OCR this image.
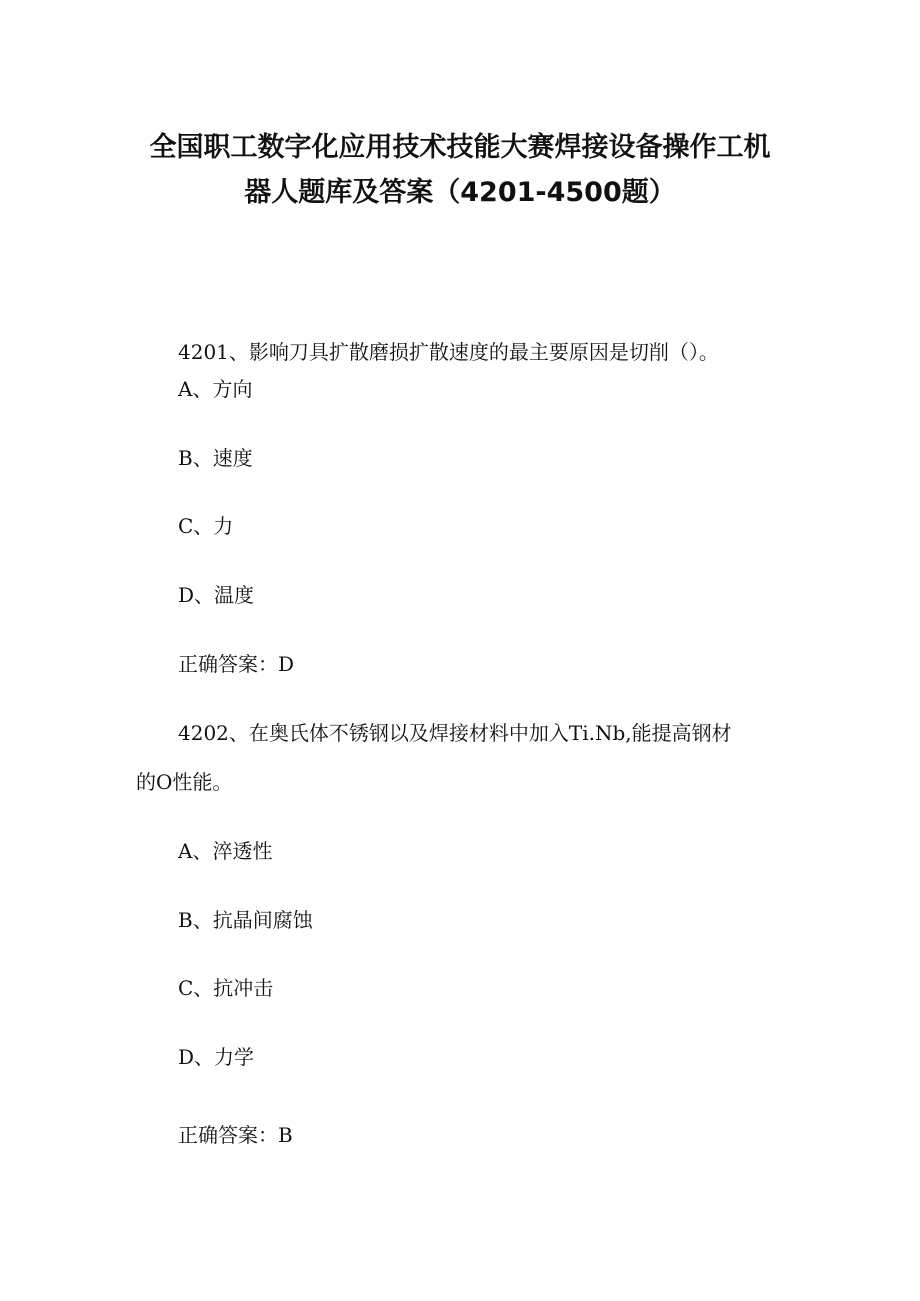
全国职工数字化应用技术技能大赛焊接设备操作工机
器人题库及答案（4201-4500题）
4201、影响刀具扩散磨损扩散速度的最主要原因是切削（）。
A、方向
B、速度
C、力
D、温度
正确答案：D
4202、在奥氏体不锈钢以及焊接材料中加入Ti.Nb,能提高钢材
的O性能。
A、淬透性
B、抗晶间腐蚀
C、抗冲击
D、力学
正确答案：B
